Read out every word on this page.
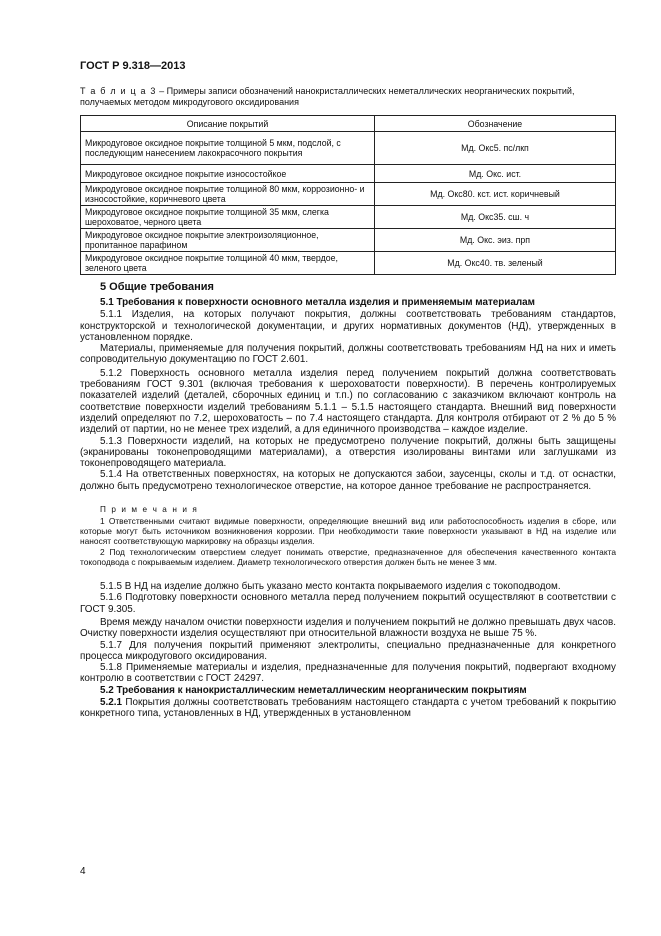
ГОСТ Р 9.318—2013

Т а б л и ц а 3 – Примеры записи обозначений нанокристаллических неметаллических неорганических покрытий, получаемых методом микродугового оксидирования

Описание покрытий	Обозначение
Микродуговое оксидное покрытие толщиной 5 мкм, подслой, с последующим нанесением лакокрасочного покрытия	Мд. Окс5. пс/лкп
Микродуговое оксидное покрытие износостойкое	Мд. Окс. ист.
Микродуговое оксидное покрытие толщиной 80 мкм, коррозионно- и износостойкие, коричневого цвета	Мд. Окс80. кст. ист. коричневый
Микродуговое оксидное покрытие толщиной 35 мкм, слегка шероховатое, черного цвета	Мд. Окс35. сш. ч
Микродуговое оксидное покрытие электроизоляционное, пропитанное парафином	Мд. Окс. эиз. прп
Микродуговое оксидное покрытие толщиной 40 мкм, твердое, зеленого цвета	Мд. Окс40. тв. зеленый
5 Общие требования

5.1 Требования к поверхности основного металла изделия и применяемым материалам

5.1.1 Изделия, на которых получают покрытия, должны соответствовать требованиям стандартов, конструкторской и технологической документации, и других нормативных документов (НД), утвержденных в установленном порядке.

Материалы, применяемые для получения покрытий, должны соответствовать требованиям НД на них и иметь сопроводительную документацию по ГОСТ 2.601.

5.1.2 Поверхность основного металла изделия перед получением покрытий должна соответствовать требованиям ГОСТ 9.301 (включая требования к шероховатости поверхности). В перечень контролируемых показателей изделий (деталей, сборочных единиц и т.п.) по согласованию с заказчиком включают контроль на соответствие поверхности изделий требованиям 5.1.1 – 5.1.5 настоящего стандарта. Внешний вид поверхности изделий определяют по 7.2, шероховатость – по 7.4 настоящего стандарта. Для контроля отбирают от 2 % до 5 % изделий от партии, но не менее трех изделий, а для единичного производства – каждое изделие.

5.1.3 Поверхности изделий, на которых не предусмотрено получение покрытий, должны быть защищены (экранированы токонепроводящими материалами), а отверстия изолированы винтами или заглушками из токонепроводящего материала.

5.1.4 На ответственных поверхностях, на которых не допускаются забои, заусенцы, сколы и т.д. от оснастки, должно быть предусмотрено технологическое отверстие, на которое данное требование не распространяется.

П р и м е ч а н и я

1 Ответственными считают видимые поверхности, определяющие внешний вид или работоспособность изделия в сборе, или которые могут быть источником возникновения коррозии. При необходимости такие поверхности указывают в НД на изделие или наносят соответствующую маркировку на образцы изделия.

2 Под технологическим отверстием следует понимать отверстие, предназначенное для обеспечения качественного контакта токоподвода с покрываемым изделием. Диаметр технологического отверстия должен быть не менее 3 мм.

5.1.5 В НД на изделие должно быть указано место контакта покрываемого изделия с токоподводом.

5.1.6 Подготовку поверхности основного металла перед получением покрытий осуществляют в соответствии с ГОСТ 9.305.

Время между началом очистки поверхности изделия и получением покрытий не должно превышать двух часов. Очистку поверхности изделия осуществляют при относительной влажности воздуха не выше 75 %.

5.1.7 Для получения покрытий применяют электролиты, специально предназначенные для конкретного процесса микродугового оксидирования.

5.1.8 Применяемые материалы и изделия, предназначенные для получения покрытий, подвергают входному контролю в соответствии с ГОСТ 24297.

5.2 Требования к нанокристаллическим неметаллическим неорганическим покрытиям

5.2.1 Покрытия должны соответствовать требованиям настоящего стандарта с учетом требований к покрытию конкретного типа, установленных в НД, утвержденных в установленном

4
